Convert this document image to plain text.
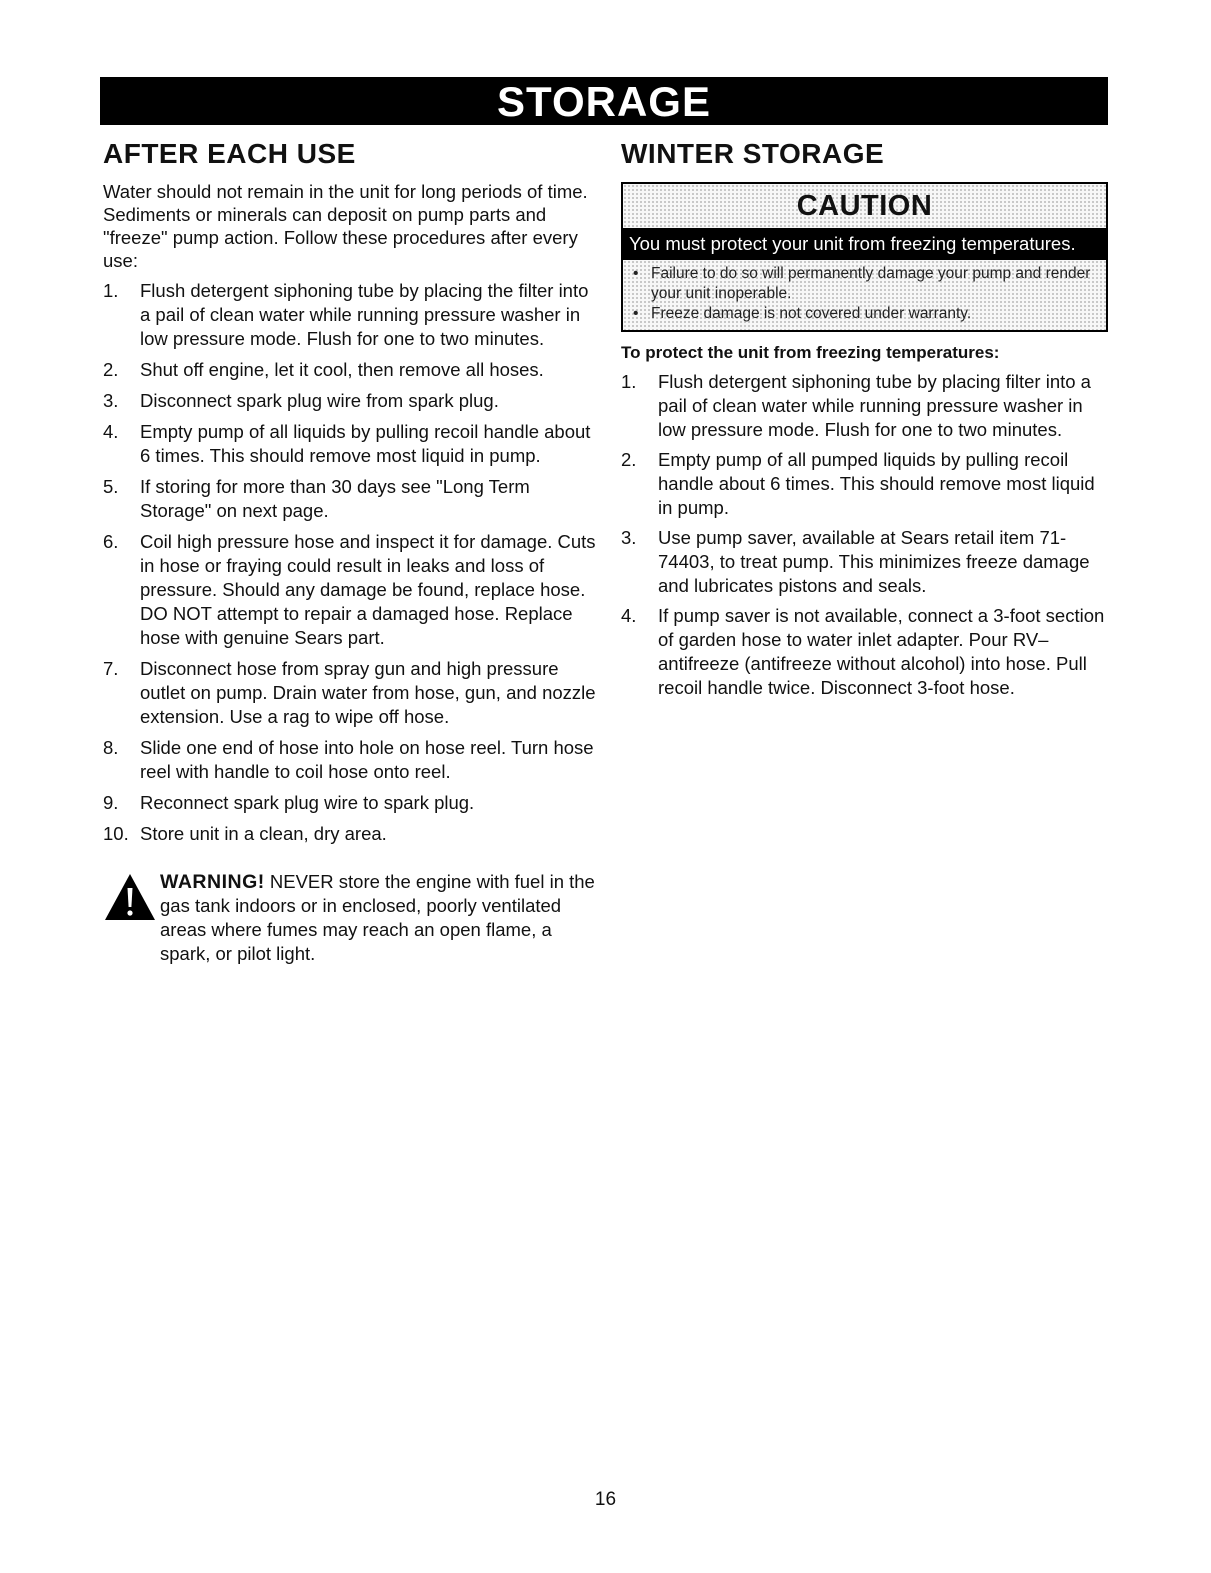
STORAGE
AFTER EACH USE

Water should not remain in the unit for long periods of time. Sediments or minerals can deposit on pump parts and "freeze" pump action. Follow these procedures after every use:

1.	Flush detergent siphoning tube by placing the filter into a pail of clean water while running pressure washer in low pressure mode. Flush for one to two minutes.
2.	Shut off engine, let it cool, then remove all hoses.
3.	Disconnect spark plug wire from spark plug.
4.	Empty pump of all liquids by pulling recoil handle about 6 times. This should remove most liquid in pump.
5.	If storing for more than 30 days see "Long Term Storage" on next page.
6.	Coil high pressure hose and inspect it for damage. Cuts in hose or fraying could result in leaks and loss of pressure. Should any damage be found, replace hose. DO NOT attempt to repair a damaged hose. Replace hose with genuine Sears part.
7.	Disconnect hose from spray gun and high pressure outlet on pump. Drain water from hose, gun, and nozzle extension. Use a rag to wipe off hose.
8.	Slide one end of hose into hole on hose reel. Turn hose reel with handle to coil hose onto reel.
9.	Reconnect spark plug wire to spark plug.
10. Store unit in a clean, dry area.
WARNING! NEVER store the engine with fuel in the gas tank indoors or in enclosed, poorly ventilated areas where fumes may reach an open flame, a spark, or pilot light.
WINTER STORAGE
CAUTION
You must protect your unit from freezing temperatures.
• Failure to do so will permanently damage your pump and render your unit inoperable.
• Freeze damage is not covered under warranty.

To protect the unit from freezing temperatures:

1.	Flush detergent siphoning tube by placing filter into a pail of clean water while running pressure washer in low pressure mode. Flush for one to two minutes.
2.	Empty pump of all pumped liquids by pulling recoil handle about 6 times. This should remove most liquid in pump.
3.	Use pump saver, available at Sears retail item 71-74403, to treat pump. This minimizes freeze damage and lubricates pistons and seals.
4.	If pump saver is not available, connect a 3-foot section of garden hose to water inlet adapter. Pour RV–antifreeze (antifreeze without alcohol) into hose. Pull recoil handle twice. Disconnect 3-foot hose.
16
